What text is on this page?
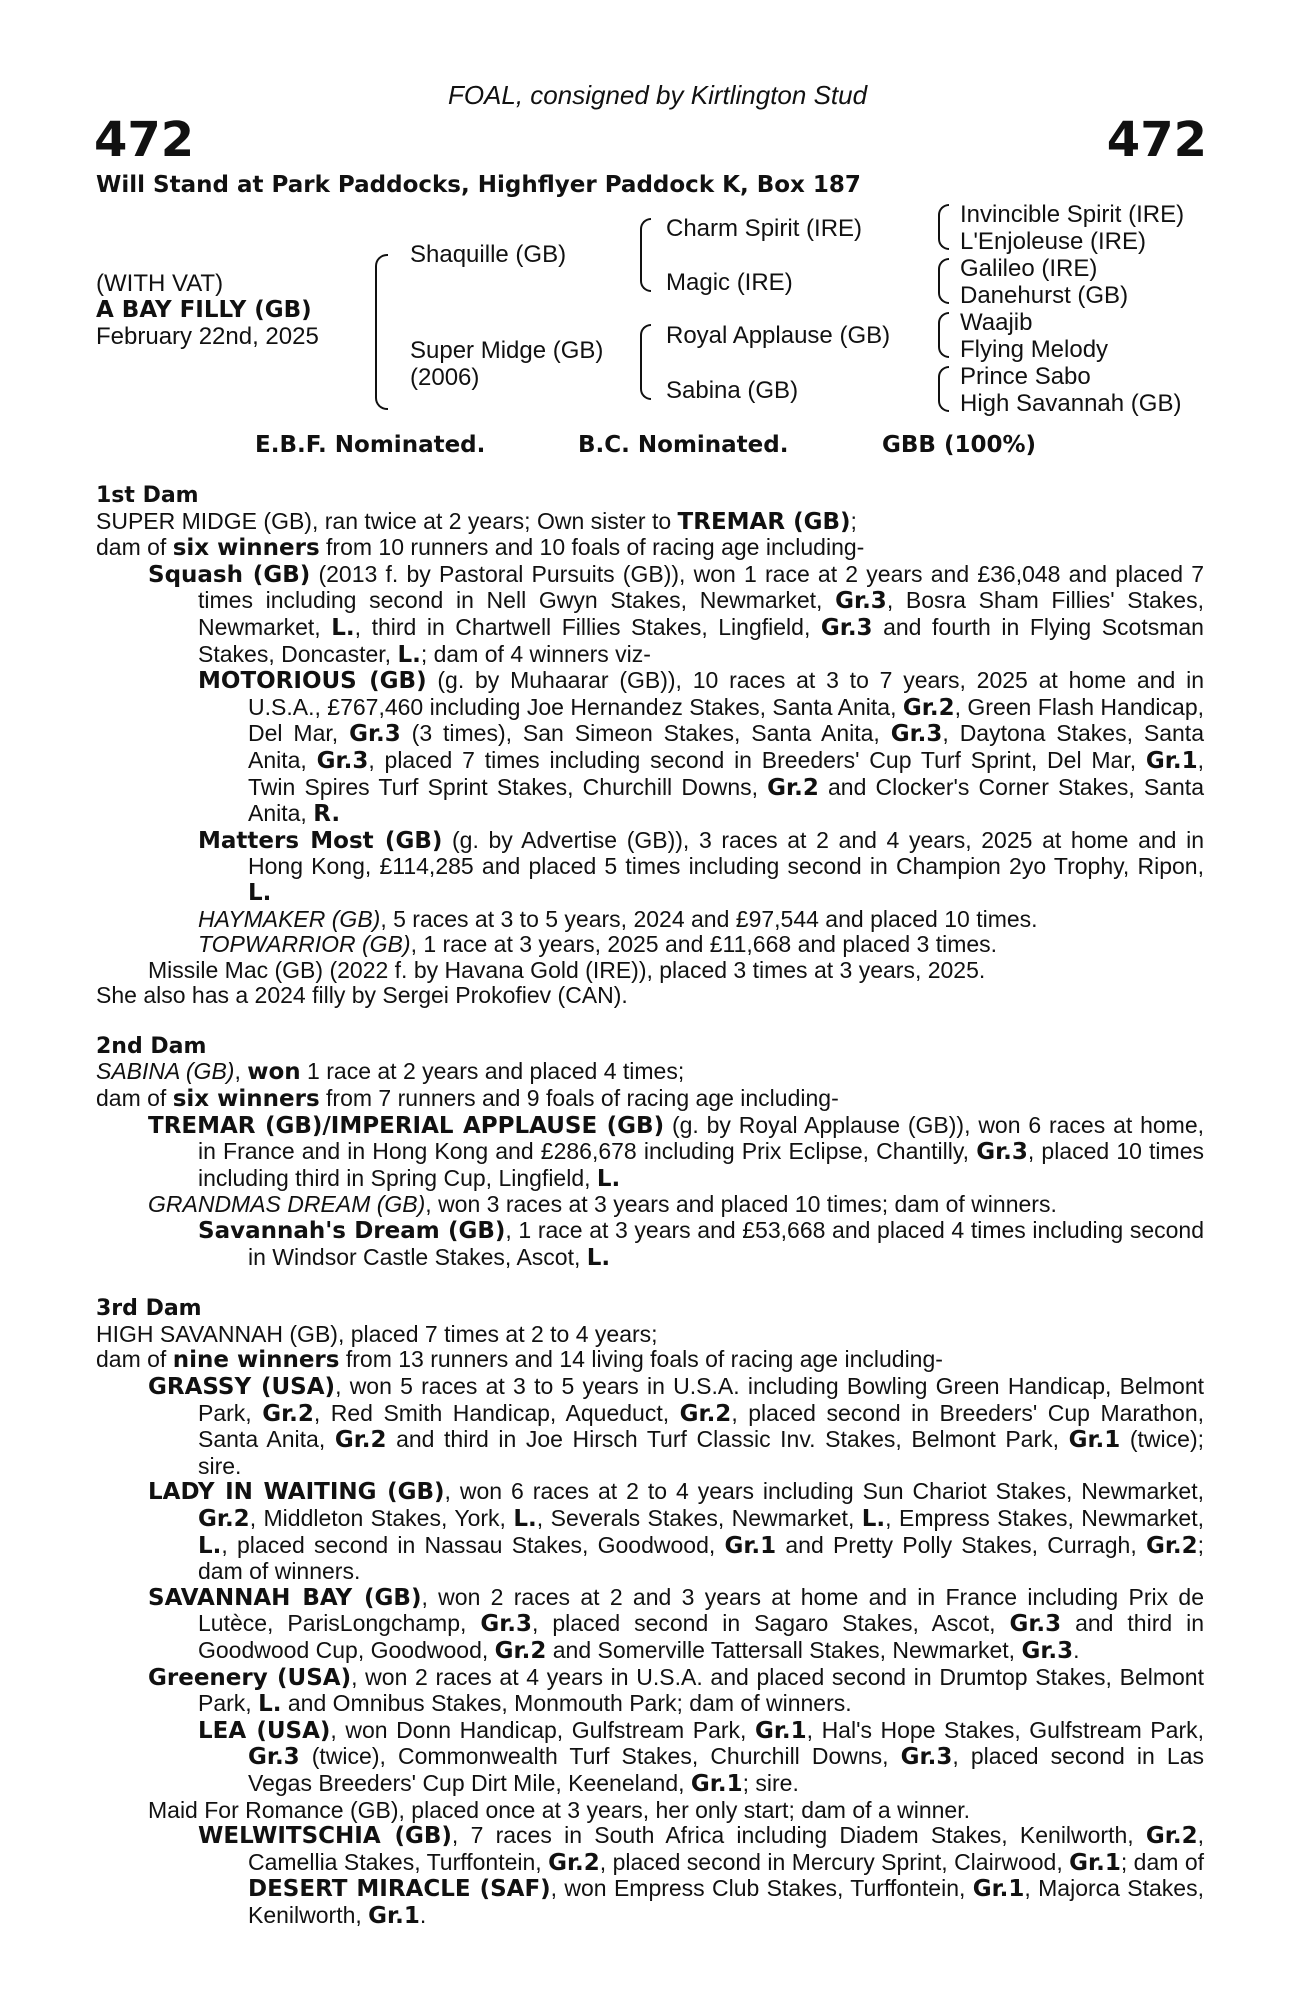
FOAL, consigned by Kirtlington Stud
472	472
Will Stand at Park Paddocks, Highflyer Paddock K, Box 187
(WITH VAT)
A BAY FILLY (GB)
February 22nd, 2025
Shaquille (GB)
Super Midge (GB)
(2006)
Charm Spirit (IRE)
Magic (IRE)
Royal Applause (GB)
Sabina (GB)
Invincible Spirit (IRE)
L'Enjoleuse (IRE)
Galileo (IRE)
Danehurst (GB)
Waajib
Flying Melody
Prince Sabo
High Savannah (GB)
E.B.F. Nominated.	B.C. Nominated.	GBB (100%)
1st Dam
SUPER MIDGE (GB), ran twice at 2 years; Own sister to TREMAR (GB);
dam of six winners from 10 runners and 10 foals of racing age including-
Squash (GB) (2013 f. by Pastoral Pursuits (GB)), won 1 race at 2 years and £36,048 and placed 7 times including second in Nell Gwyn Stakes, Newmarket, Gr.3, Bosra Sham Fillies' Stakes, Newmarket, L., third in Chartwell Fillies Stakes, Lingfield, Gr.3 and fourth in Flying Scotsman Stakes, Doncaster, L.; dam of 4 winners viz-
MOTORIOUS (GB) (g. by Muhaarar (GB)), 10 races at 3 to 7 years, 2025 at home and in U.S.A., £767,460 including Joe Hernandez Stakes, Santa Anita, Gr.2, Green Flash Handicap, Del Mar, Gr.3 (3 times), San Simeon Stakes, Santa Anita, Gr.3, Daytona Stakes, Santa Anita, Gr.3, placed 7 times including second in Breeders' Cup Turf Sprint, Del Mar, Gr.1, Twin Spires Turf Sprint Stakes, Churchill Downs, Gr.2 and Clocker's Corner Stakes, Santa Anita, R.
Matters Most (GB) (g. by Advertise (GB)), 3 races at 2 and 4 years, 2025 at home and in Hong Kong, £114,285 and placed 5 times including second in Champion 2yo Trophy, Ripon, L.
HAYMAKER (GB), 5 races at 3 to 5 years, 2024 and £97,544 and placed 10 times.
TOPWARRIOR (GB), 1 race at 3 years, 2025 and £11,668 and placed 3 times.
Missile Mac (GB) (2022 f. by Havana Gold (IRE)), placed 3 times at 3 years, 2025.
She also has a 2024 filly by Sergei Prokofiev (CAN).
2nd Dam
SABINA (GB), won 1 race at 2 years and placed 4 times;
dam of six winners from 7 runners and 9 foals of racing age including-
TREMAR (GB)/IMPERIAL APPLAUSE (GB) (g. by Royal Applause (GB)), won 6 races at home, in France and in Hong Kong and £286,678 including Prix Eclipse, Chantilly, Gr.3, placed 10 times including third in Spring Cup, Lingfield, L.
GRANDMAS DREAM (GB), won 3 races at 3 years and placed 10 times; dam of winners.
Savannah's Dream (GB), 1 race at 3 years and £53,668 and placed 4 times including second in Windsor Castle Stakes, Ascot, L.
3rd Dam
HIGH SAVANNAH (GB), placed 7 times at 2 to 4 years;
dam of nine winners from 13 runners and 14 living foals of racing age including-
GRASSY (USA), won 5 races at 3 to 5 years in U.S.A. including Bowling Green Handicap, Belmont Park, Gr.2, Red Smith Handicap, Aqueduct, Gr.2, placed second in Breeders' Cup Marathon, Santa Anita, Gr.2 and third in Joe Hirsch Turf Classic Inv. Stakes, Belmont Park, Gr.1 (twice); sire.
LADY IN WAITING (GB), won 6 races at 2 to 4 years including Sun Chariot Stakes, Newmarket, Gr.2, Middleton Stakes, York, L., Severals Stakes, Newmarket, L., Empress Stakes, Newmarket, L., placed second in Nassau Stakes, Goodwood, Gr.1 and Pretty Polly Stakes, Curragh, Gr.2; dam of winners.
SAVANNAH BAY (GB), won 2 races at 2 and 3 years at home and in France including Prix de Lutèce, ParisLongchamp, Gr.3, placed second in Sagaro Stakes, Ascot, Gr.3 and third in Goodwood Cup, Goodwood, Gr.2 and Somerville Tattersall Stakes, Newmarket, Gr.3.
Greenery (USA), won 2 races at 4 years in U.S.A. and placed second in Drumtop Stakes, Belmont Park, L. and Omnibus Stakes, Monmouth Park; dam of winners.
LEA (USA), won Donn Handicap, Gulfstream Park, Gr.1, Hal's Hope Stakes, Gulfstream Park, Gr.3 (twice), Commonwealth Turf Stakes, Churchill Downs, Gr.3, placed second in Las Vegas Breeders' Cup Dirt Mile, Keeneland, Gr.1; sire.
Maid For Romance (GB), placed once at 3 years, her only start; dam of a winner.
WELWITSCHIA (GB), 7 races in South Africa including Diadem Stakes, Kenilworth, Gr.2, Camellia Stakes, Turffontein, Gr.2, placed second in Mercury Sprint, Clairwood, Gr.1; dam of DESERT MIRACLE (SAF), won Empress Club Stakes, Turffontein, Gr.1, Majorca Stakes, Kenilworth, Gr.1.
